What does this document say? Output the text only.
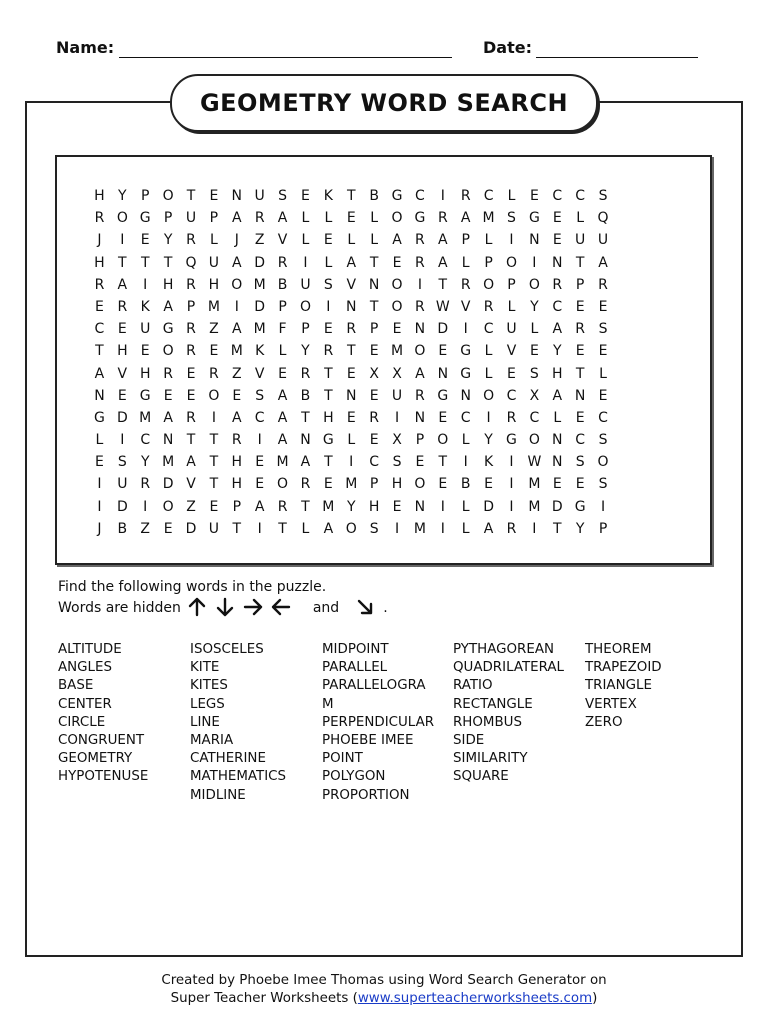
Name:	Date:
GEOMETRY WORD SEARCH
H Y	P O T	E N U S	E K	T B G C	I	R C	L	E C C S
R O G P U P A R A	L	L	E	L O G R A M S G E	L Q
J	I	E	Y R	L	J	Z V	L	E	L	L	A R A P	L	I	N E U U
H T	T	T Q U A D R	I	L	A T	E R A	L	P O	I	N T A
R A	I	H R H O M B U S V N O	I	T R O P O R P R
E R K A P M	I	D P O	I	N T O R W V R	L	Y C E	E
C E U G R Z A M F	P	E R P	E N D	I	C U L	A R S
T H E O R E M K	L	Y R T	E M O E G L	V E	Y	E	E
A V H R E R Z V E R T	E X X A N G L	E	S H T	L
N E G E	E O E	S A B T N E U R G N O C X A N E
G D M A R	I	A C A T H E R	I	N E C	I	R C	L	E C
L	I	C N T	T R	I	A N G L	E X P O L	Y G O N C S
E	S	Y M A T H E M A T	I	C S	E	T	I	K	I W N S O
I	U R D V T H E O R E M P H O E B E	I	M E	E	S
I	D	I	O Z E	P A R T M Y H E N	I	L D	I	M D G	I
J	B Z E D U T	I	T	L	A O S	I	M	I	L	A R	I	T	Y	P
Find the following words in the puzzle.
Words are hidden	and	.
ALTITUDE
ANGLES
BASE
CENTER
CIRCLE
CONGRUENT
GEOMETRY
HYPOTENUSE
ISOSCELES
KITE
KITES
LEGS
LINE
MARIA
CATHERINE
MATHEMATICS
MIDLINE
MIDPOINT
PARALLEL
PARALLELOGRA
M
PERPENDICULAR
PHOEBE IMEE
POINT
POLYGON
PROPORTION
PYTHAGOREAN
QUADRILATERAL
RATIO
RECTANGLE
RHOMBUS
SIDE
SIMILARITY
SQUARE
THEOREM
TRAPEZOID
TRIANGLE
VERTEX
ZERO
Created by Phoebe Imee Thomas using Word Search Generator on
Super Teacher Worksheets (www.superteacherworksheets.com)
